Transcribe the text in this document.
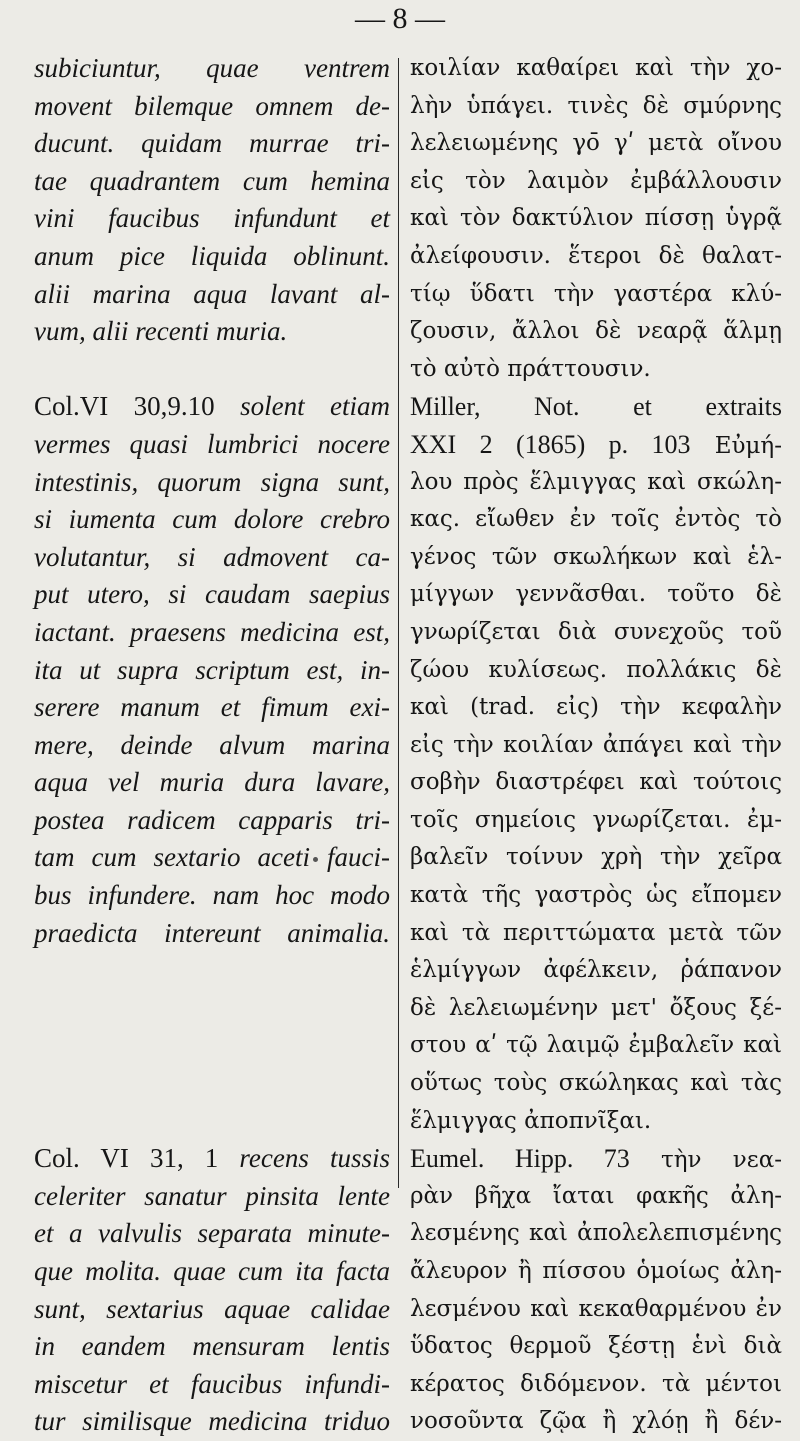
— 8 —
subiciuntur, quae ventrem
movent bilemque omnem de-
ducunt. quidam murrae tri-
tae quadrantem cum hemina
vini faucibus infundunt et
anum pice liquida oblinunt.
alii marina aqua lavant al-
vum, alii recenti muria.
Col.VI 30,9.10 solent etiam
vermes quasi lumbrici nocere
intestinis, quorum signa sunt,
si iumenta cum dolore crebro
volutantur, si admovent ca-
put utero, si caudam saepius
iactant. praesens medicina est,
ita ut supra scriptum est, in-
serere manum et fimum exi-
mere, deinde alvum marina
aqua vel muria dura lavare,
postea radicem capparis tri-
tam cum sextario aceti fauci-
bus infundere. nam hoc modo
praedicta intereunt animalia.
Col. VI 31, 1 recens tussis
celeriter sanatur pinsita lente
et a valvulis separata minute-
que molita. quae cum ita facta
sunt, sextarius aquae calidae
in eandem mensuram lentis
miscetur et faucibus infundi-
tur similisque medicina triduo
κοιλίαν καθαίρει καὶ τὴν χο-
λὴν ὑπάγει. τινὲς δὲ σμύρνης
λελειωμένης γο̄ γʹ μετὰ οἴνου
εἰς τὸν λαιμὸν ἐμβάλλουσιν
καὶ τὸν δακτύλιον πίσσῃ ὑγρᾷ
ἀλείφουσιν. ἕτεροι δὲ θαλατ-
τίῳ ὕδατι τὴν γαστέρα κλύ-
ζουσιν, ἄλλοι δὲ νεαρᾷ ἅλμῃ
τὸ αὐτὸ πράττουσιν.
Miller, Not. et extraits
XXI 2 (1865) p. 103 Εὐμή-
λου πρὸς ἕλμιγγας καὶ σκώλη-
κας. εἴωθεν ἐν τοῖς ἐντὸς τὸ
γένος τῶν σκωλήκων καὶ ἑλ-
μίγγων γεννᾶσθαι. τοῦτο δὲ
γνωρίζεται διὰ συνεχοῦς τοῦ
ζώου κυλίσεως. πολλάκις δὲ
καὶ (trad. εἰς) τὴν κεφαλὴν
εἰς τὴν κοιλίαν ἀπάγει καὶ τὴν
σοβὴν διαστρέφει καὶ τούτοις
τοῖς σημείοις γνωρίζεται. ἐμ-
βαλεῖν τοίνυν χρὴ τὴν χεῖρα
κατὰ τῆς γαστρὸς ὡς εἴπομεν
καὶ τὰ περιττώματα μετὰ τῶν
ἑλμίγγων ἀφέλκειν, ῥάπανον
δὲ λελειωμένην μετ' ὄξους ξέ-
στου αʹ τῷ λαιμῷ ἐμβαλεῖν καὶ
οὕτως τοὺς σκώληκας καὶ τὰς
ἕλμιγγας ἀποπνῖξαι.
Eumel. Hipp. 73 τὴν νεα-
ρὰν βῆχα ἴαται φακῆς ἀλη-
λεσμένης καὶ ἀπολελεπισμένης
ἄλευρον ἢ πίσσου ὁμοίως ἀλη-
λεσμένου καὶ κεκαθαρμένου ἐν
ὕδατος θερμοῦ ξέστῃ ἑνὶ διὰ
κέρατος διδόμενον. τὰ μέντοι
νοσοῦντα ζῷα ἢ χλόῃ ἢ δέν-
